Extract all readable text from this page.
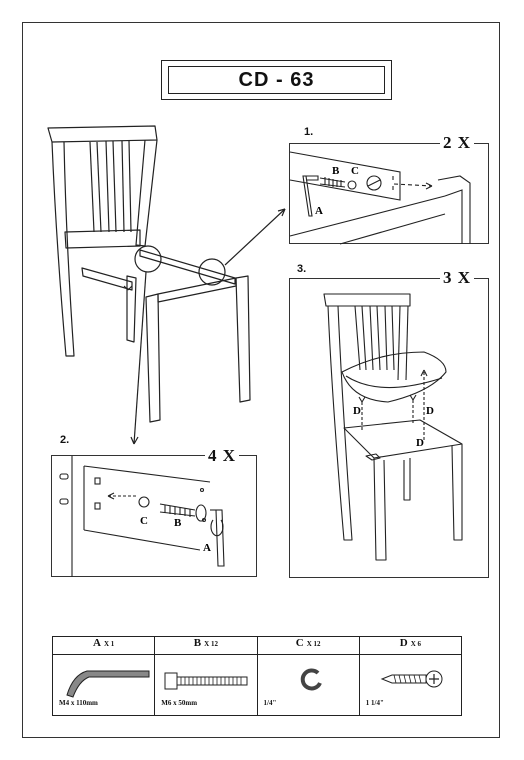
CD - 63
1.
2 X
A
B C
2.
4 X
C B
A
3.	3 X
D	D
D
A X 1	B X 12	C X 12	D X 6

M4 x 110mm	M6 x 50mm	1/4"	1 1/4"
